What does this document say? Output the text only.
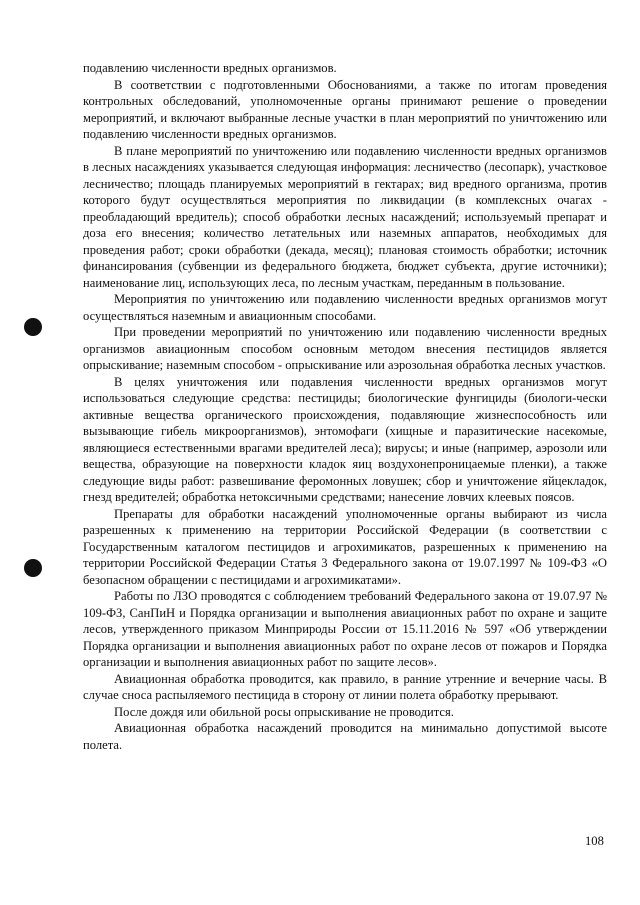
подавлению численности вредных организмов.

В соответствии с подготовленными Обоснованиями, а также по итогам проведения контрольных обследований, уполномоченные органы принимают решение о проведении мероприятий, и включают выбранные лесные участки в план мероприятий по уничтожению или подавлению численности вредных организмов.

В плане мероприятий по уничтожению или подавлению численности вредных организмов в лесных насаждениях указывается следующая информация: лесничество (лесопарк), участковое лесничество; площадь планируемых мероприятий в гектарах; вид вредного организма, против которого будут осуществляться мероприятия по ликвидации (в комплексных очагах - преобладающий вредитель); способ обработки лесных насаждений; используемый препарат и доза его внесения; количество летательных или наземных аппаратов, необходимых для проведения работ; сроки обработки (декада, месяц); плановая стоимость обработки; источник финансирования (субвенции из федерального бюджета, бюджет субъекта, другие источники); наименование лиц, использующих леса, по лесным участкам, переданным в пользование.

Мероприятия по уничтожению или подавлению численности вредных организмов могут осуществляться наземным и авиационным способами.

При проведении мероприятий по уничтожению или подавлению численности вредных организмов авиационным способом основным методом внесения пестицидов является опрыскивание; наземным способом - опрыскивание или аэрозольная обработка лесных участков.

В целях уничтожения или подавления численности вредных организмов могут использоваться следующие средства: пестициды; биологические фунгициды (биологи-чески активные вещества органического происхождения, подавляющие жизнеспособность или вызывающие гибель микроорганизмов), энтомофаги (хищные и паразитические насекомые, являющиеся естественными врагами вредителей леса); вирусы; и иные (например, аэрозоли или вещества, образующие на поверхности кладок яиц воздухонепроницаемые пленки), а также следующие виды работ: развешивание феромонных ловушек; сбор и уничтожение яйцекладок, гнезд вредителей; обработка нетоксичными средствами; нанесение ловчих клеевых поясов.

Препараты для обработки насаждений уполномоченные органы выбирают из числа разрешенных к применению на территории Российской Федерации (в соответствии с Государственным каталогом пестицидов и агрохимикатов, разрешенных к применению на территории Российской Федерации Статья 3 Федерального закона от 19.07.1997 № 109-ФЗ «О безопасном обращении с пестицидами и агрохимикатами».

Работы по ЛЗО проводятся с соблюдением требований Федерального закона от 19.07.97 № 109-ФЗ, СанПиН и Порядка организации и выполнения авиационных работ по охране и защите лесов, утвержденного приказом Минприроды России от 15.11.2016 № 597 «Об утверждении Порядка организации и выполнения авиационных работ по охране лесов от пожаров и Порядка организации и выполнения авиационных работ по защите лесов».

Авиационная обработка проводится, как правило, в ранние утренние и вечерние часы. В случае сноса распыляемого пестицида в сторону от линии полета обработку прерывают.

После дождя или обильной росы опрыскивание не проводится.

Авиационная обработка насаждений проводится на минимально допустимой высоте полета.

108
